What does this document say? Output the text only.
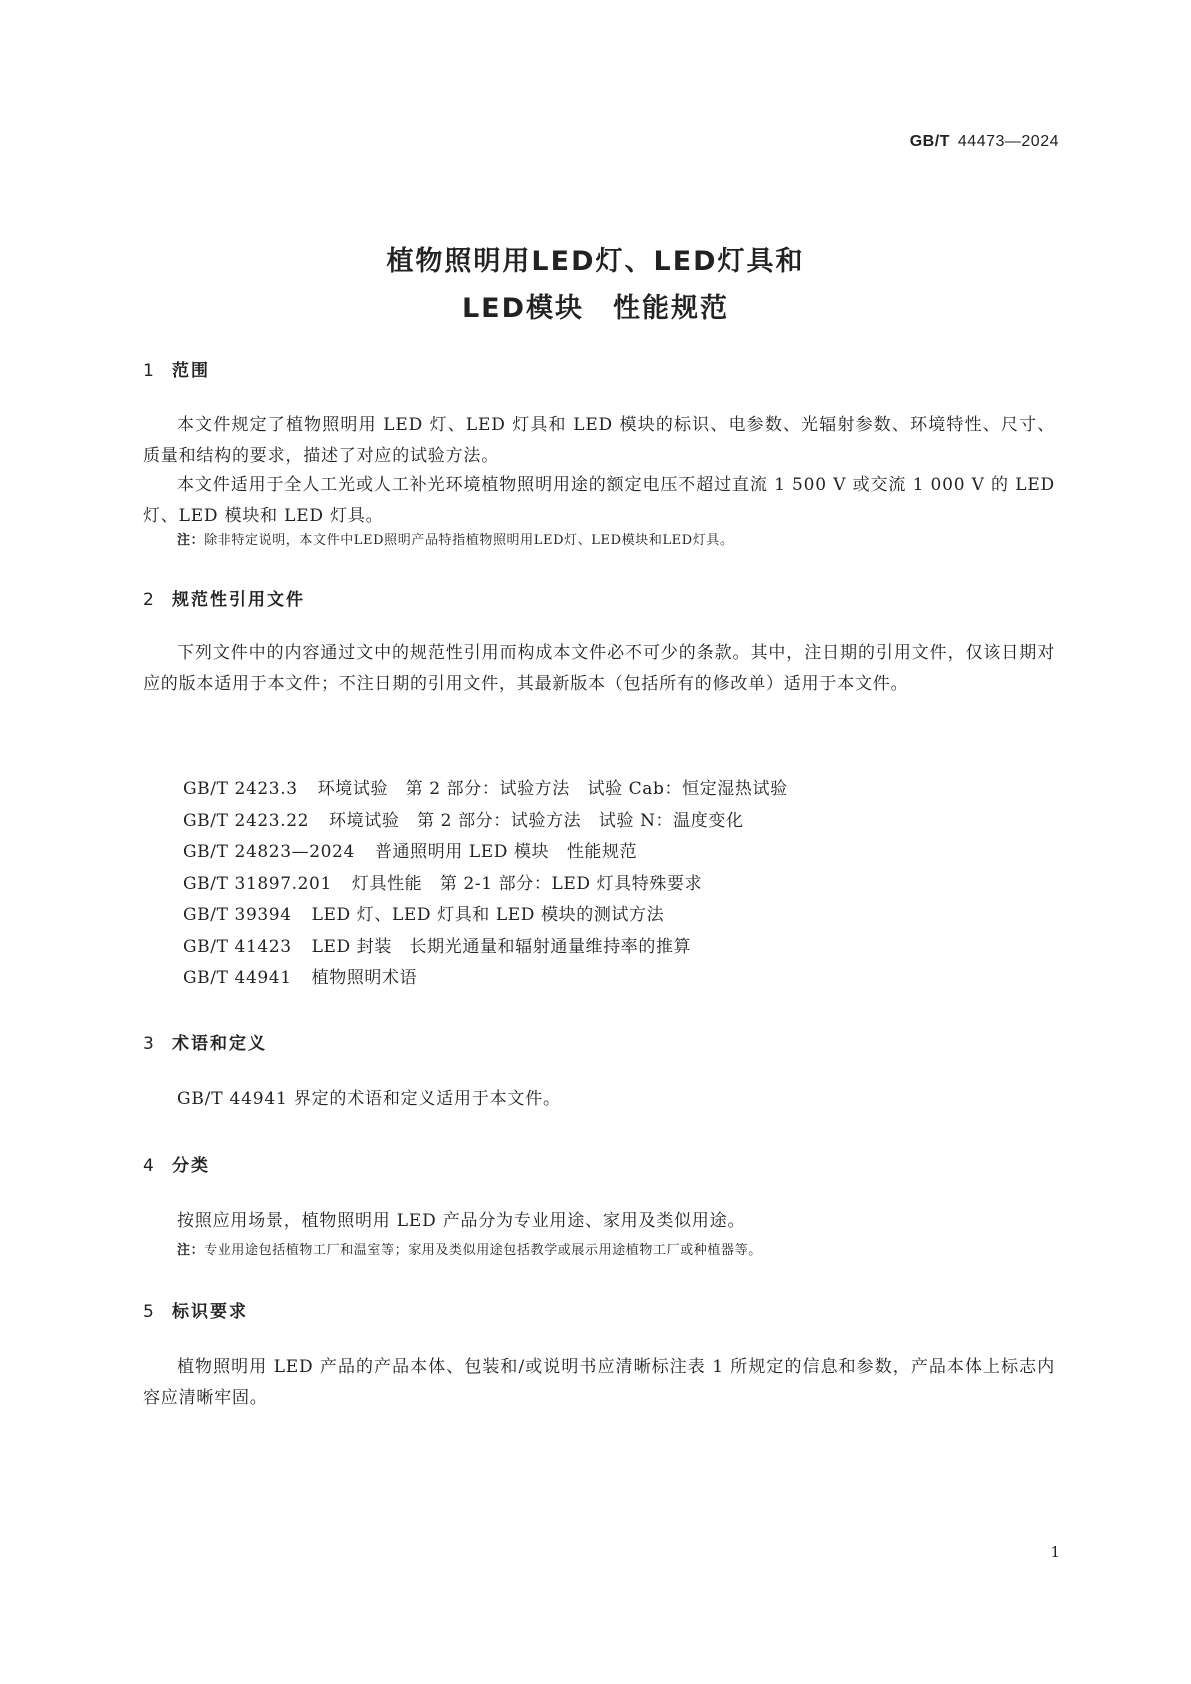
GB/T 44473—2024
植物照明用LED灯、LED灯具和
LED模块　性能规范
1 范围

本文件规定了植物照明用 LED 灯、LED 灯具和 LED 模块的标识、电参数、光辐射参数、环境特性、尺寸、质量和结构的要求，描述了对应的试验方法。

本文件适用于全人工光或人工补光环境植物照明用途的额定电压不超过直流 1 500 V 或交流 1 000 V 的 LED 灯、LED 模块和 LED 灯具。

注：除非特定说明，本文件中LED照明产品特指植物照明用LED灯、LED模块和LED灯具。
2 规范性引用文件

下列文件中的内容通过文中的规范性引用而构成本文件必不可少的条款。其中，注日期的引用文件，仅该日期对应的版本适用于本文件；不注日期的引用文件，其最新版本（包括所有的修改单）适用于本文件。

GB/T 2423.3 环境试验　第 2 部分：试验方法　试验 Cab：恒定湿热试验
GB/T 2423.22 环境试验　第 2 部分：试验方法　试验 N：温度变化
GB/T 24823—2024 普通照明用 LED 模块　性能规范
GB/T 31897.201 灯具性能　第 2-1 部分：LED 灯具特殊要求
GB/T 39394 LED 灯、LED 灯具和 LED 模块的测试方法
GB/T 41423 LED 封装　长期光通量和辐射通量维持率的推算
GB/T 44941 植物照明术语
3 术语和定义

GB/T 44941 界定的术语和定义适用于本文件。

4 分类

按照应用场景，植物照明用 LED 产品分为专业用途、家用及类似用途。

注：专业用途包括植物工厂和温室等；家用及类似用途包括教学或展示用途植物工厂或种植器等。
5 标识要求

植物照明用 LED 产品的产品本体、包装和/或说明书应清晰标注表 1 所规定的信息和参数，产品本体上标志内容应清晰牢固。

1
